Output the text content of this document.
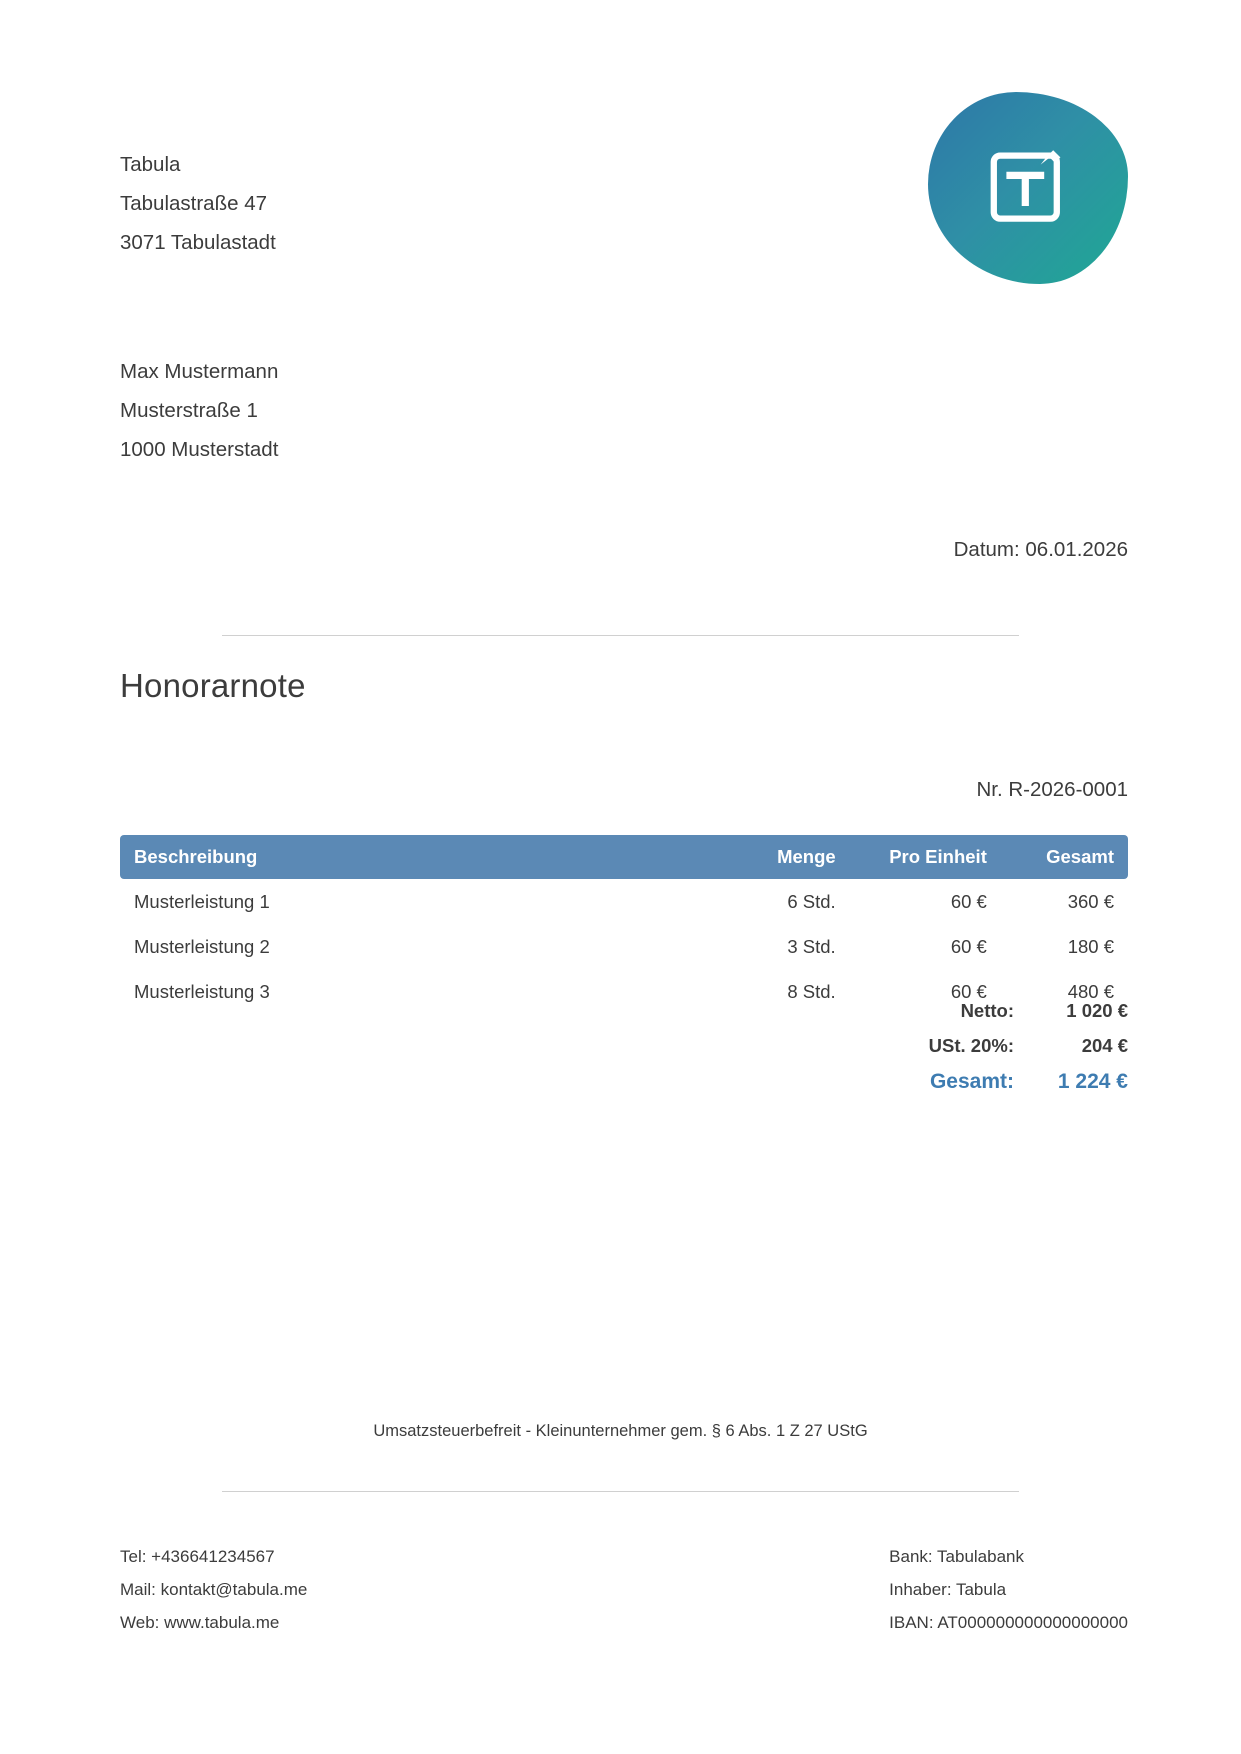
Tabula
Tabulastraße 47
3071 Tabulastadt
Max Mustermann
Musterstraße 1
1000 Musterstadt
Datum: 06.01.2026
Honorarnote
Nr. R-2026-0001
Beschreibung	Menge	Pro Einheit	Gesamt
Musterleistung 1	6 Std.	60 €	360 €
Musterleistung 2	3 Std.	60 €	180 €
Musterleistung 3	8 Std.	60 €	480 €
Netto:	1 020 €
USt. 20%:	204 €
Gesamt:	1 224 €
Umsatzsteuerbefreit - Kleinunternehmer gem. § 6 Abs. 1 Z 27 UStG
Tel: +436641234567
Mail: kontakt@tabula.me
Web: www.tabula.me
Bank: Tabulabank
Inhaber: Tabula
IBAN: AT000000000000000000
